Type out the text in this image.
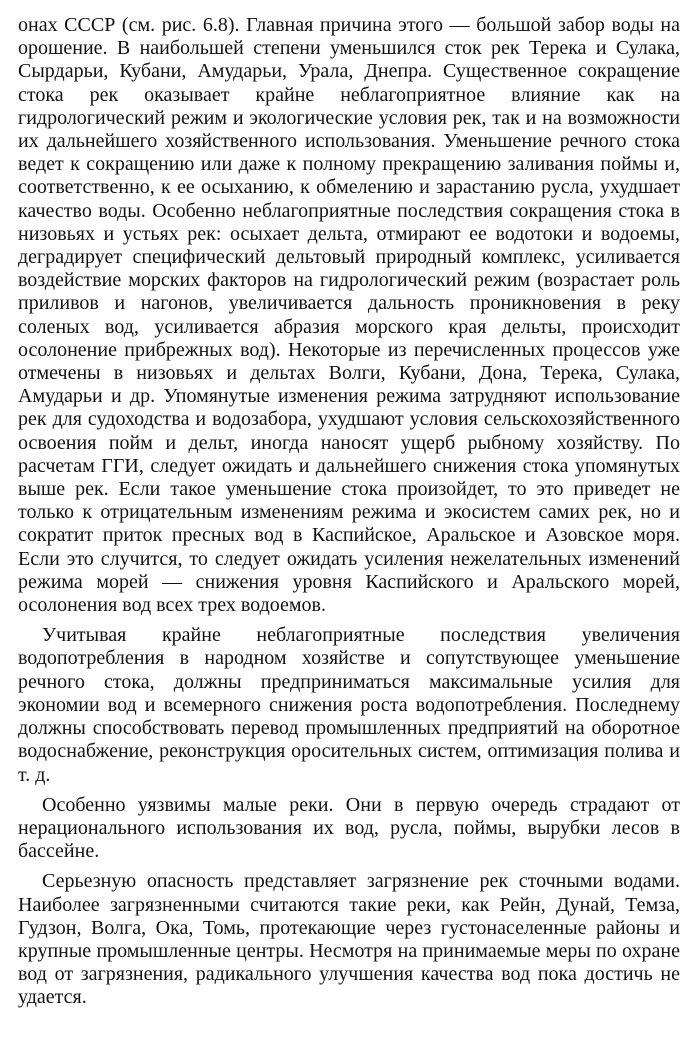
онах СССР (см. рис. 6.8). Главная причина этого — большой забор воды на орошение. В наибольшей степени уменьшился сток рек Терека и Сулака, Сырдарьи, Кубани, Амударьи, Урала, Днепра. Существенное сокращение стока рек оказывает крайне неблагоприятное влияние как на гидрологический режим и экологические условия рек, так и на возможности их дальнейшего хозяйственного использования. Уменьшение речного стока ведет к сокращению или даже к полному прекращению заливания поймы и, соответственно, к ее осыханию, к обмелению и зарастанию русла, ухудшает качество воды. Особенно неблагоприятные последствия сокращения стока в низовьях и устьях рек: осыхает дельта, отмирают ее водотоки и водоемы, деградирует специфический дельтовый природный комплекс, усиливается воздействие морских факторов на гидрологический режим (возрастает роль приливов и нагонов, увеличивается дальность проникновения в реку соленых вод, усиливается абразия морского края дельты, происходит осолонение прибрежных вод). Некоторые из перечисленных процессов уже отмечены в низовьях и дельтах Волги, Кубани, Дона, Терека, Сулака, Амударьи и др. Упомянутые изменения режима затрудняют использование рек для судоходства и водозабора, ухудшают условия сельскохозяйственного освоения пойм и дельт, иногда наносят ущерб рыбному хозяйству. По расчетам ГГИ, следует ожидать и дальнейшего снижения стока упомянутых выше рек. Если такое уменьшение стока произойдет, то это приведет не только к отрицательным изменениям режима и экосистем самих рек, но и сократит приток пресных вод в Каспийское, Аральское и Азовское моря. Если это случится, то следует ожидать усиления нежелательных изменений режима морей — снижения уровня Каспийского и Аральского морей, осолонения вод всех трех водоемов.

Учитывая крайне неблагоприятные последствия увеличения водопотребления в народном хозяйстве и сопутствующее уменьшение речного стока, должны предприниматься максимальные усилия для экономии вод и всемерного снижения роста водопотребления. Последнему должны способствовать перевод промышленных предприятий на оборотное водоснабжение, реконструкция оросительных систем, оптимизация полива и т. д.

Особенно уязвимы малые реки. Они в первую очередь страдают от нерационального использования их вод, русла, поймы, вырубки лесов в бассейне.

Серьезную опасность представляет загрязнение рек сточными водами. Наиболее загрязненными считаются такие реки, как Рейн, Дунай, Темза, Гудзон, Волга, Ока, Томь, протекающие через густонаселенные районы и крупные промышленные центры. Несмотря на принимаемые меры по охране вод от загрязнения, радикального улучшения качества вод пока достичь не удается.
